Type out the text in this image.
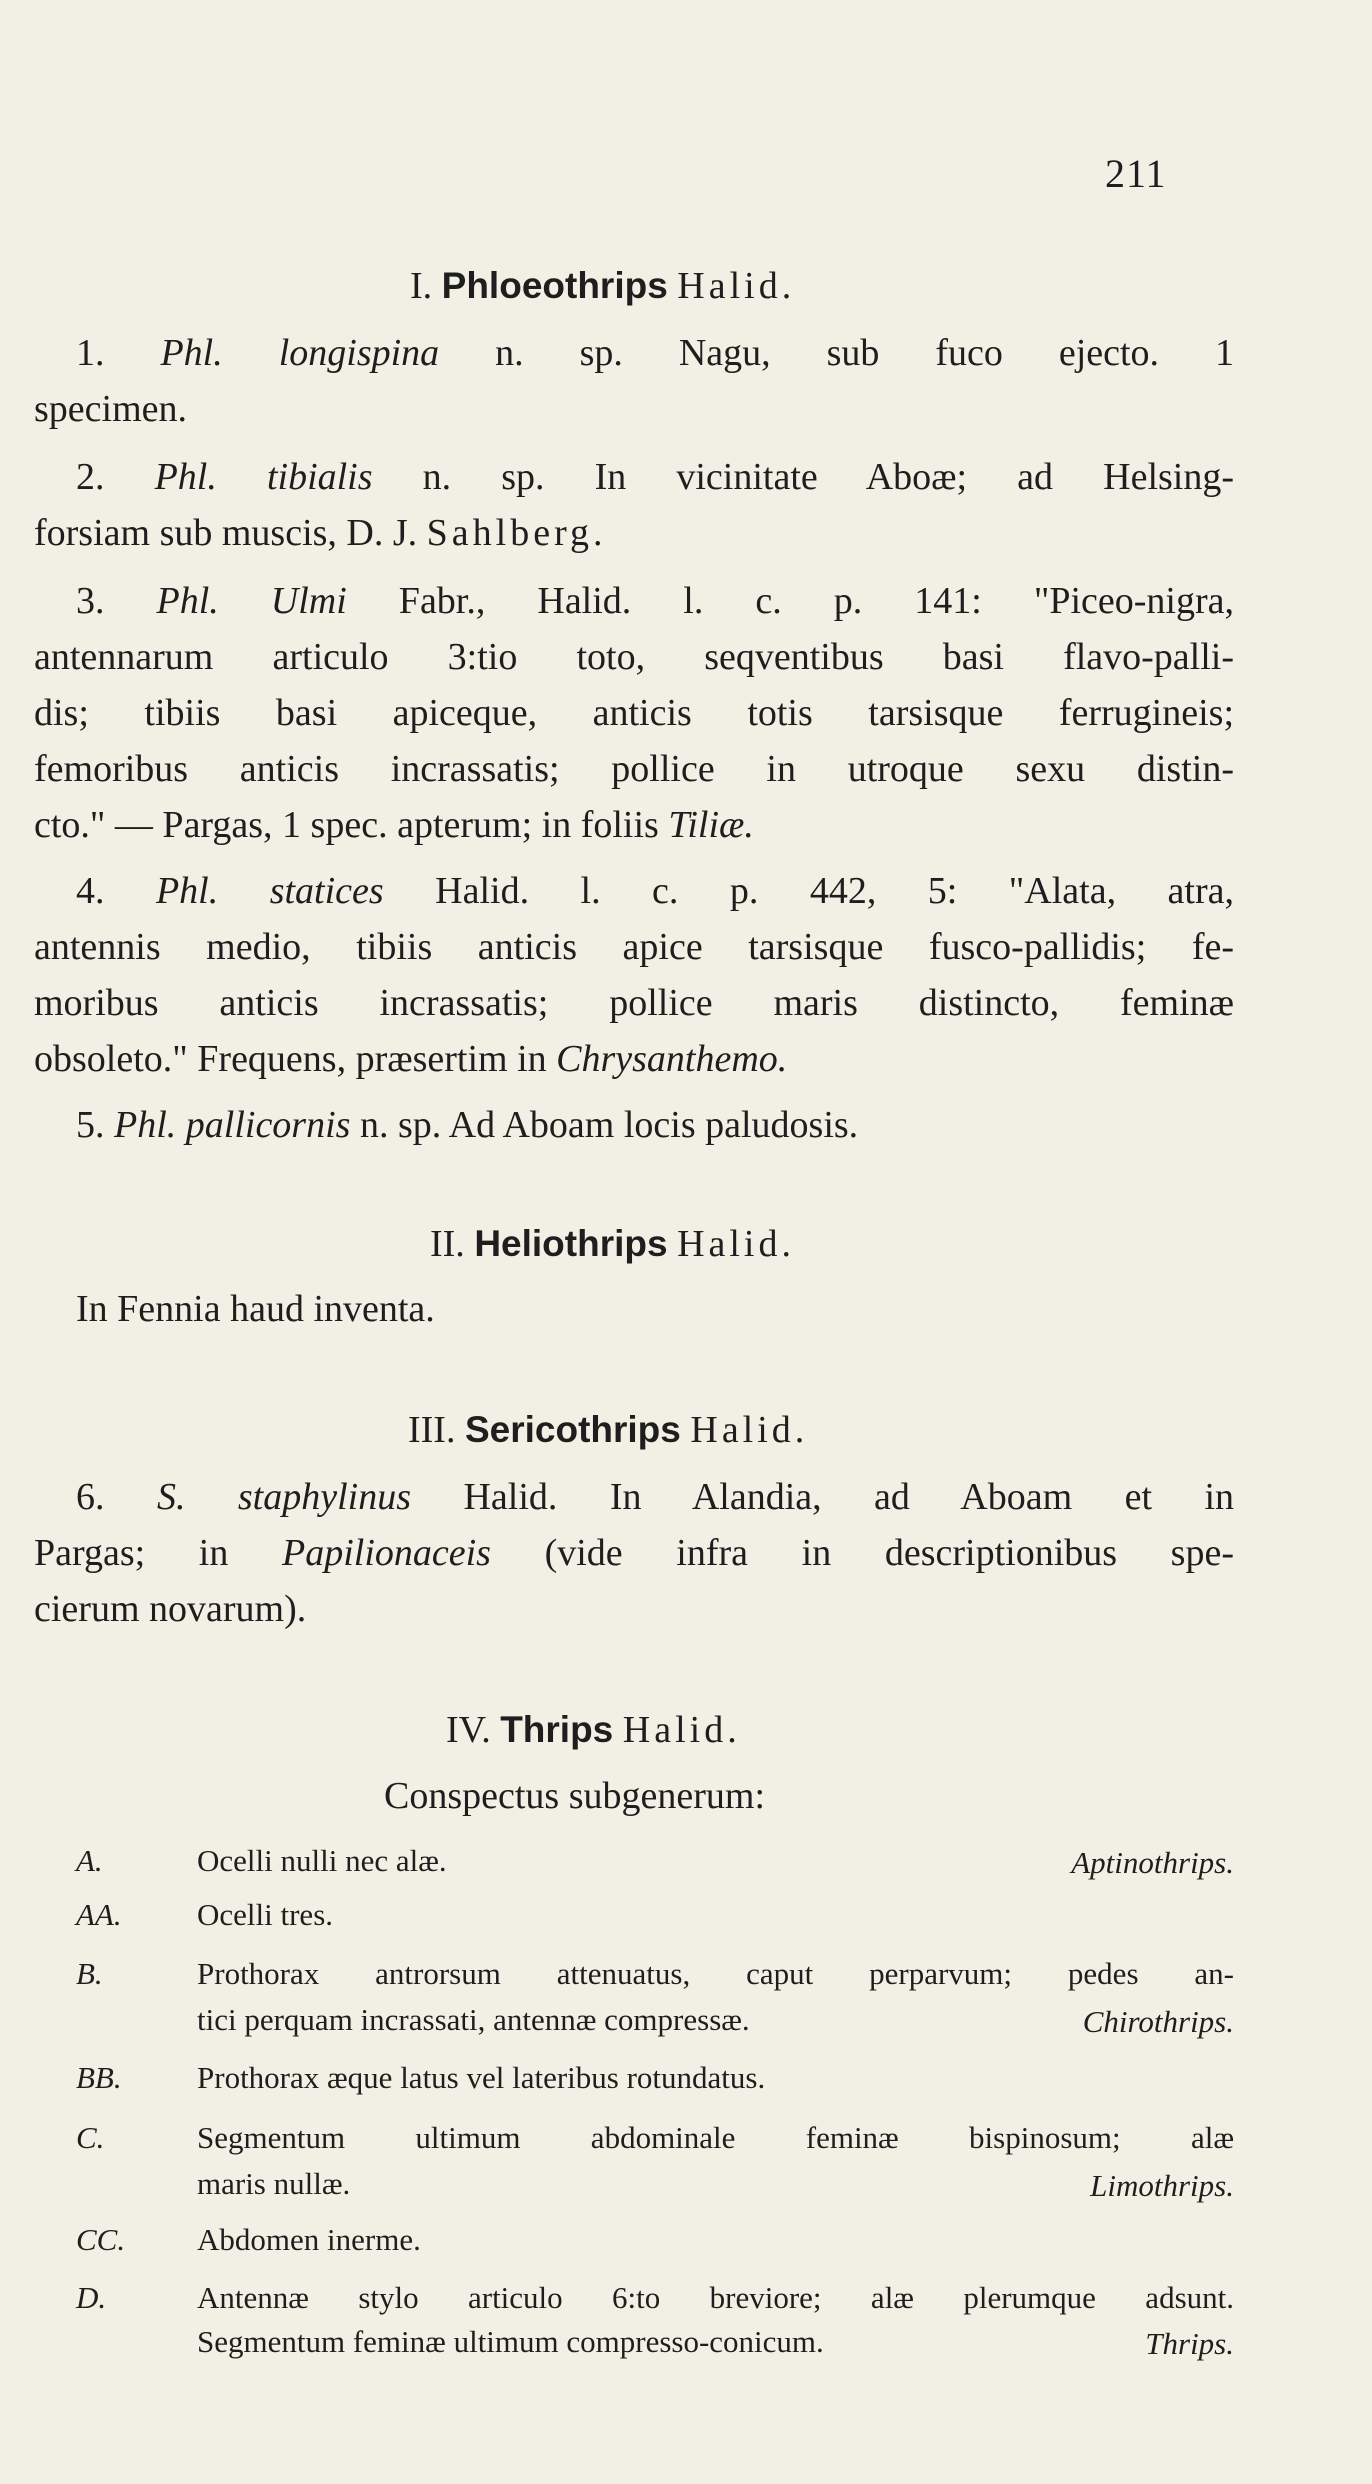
211
I. Phloeothrips Halid.
1. Phl. longispina n. sp. Nagu, sub fuco ejecto. 1
specimen.
2. Phl. tibialis n. sp. In vicinitate Aboæ; ad Helsing-
forsiam sub muscis, D. J. Sahlberg.
3. Phl. Ulmi Fabr., Halid. l. c. p. 141: "Piceo-nigra,
antennarum articulo 3:tio toto, seqventibus basi flavo-palli-
dis; tibiis basi apiceque, anticis totis tarsisque ferrugineis;
femoribus anticis incrassatis; pollice in utroque sexu distin-
cto." — Pargas, 1 spec. apterum; in foliis Tiliæ.
4. Phl. statices Halid. l. c. p. 442, 5: "Alata, atra,
antennis medio, tibiis anticis apice tarsisque fusco-pallidis; fe-
moribus anticis incrassatis; pollice maris distincto, feminæ
obsoleto." Frequens, præsertim in Chrysanthemo.
5. Phl. pallicornis n. sp. Ad Aboam locis paludosis.
II. Heliothrips Halid.
In Fennia haud inventa.
III. Sericothrips Halid.
6. S. staphylinus Halid. In Alandia, ad Aboam et in
Pargas; in Papilionaceis (vide infra in descriptionibus spe-
cierum novarum).
IV. Thrips Halid.
Conspectus subgenerum:
A.	Ocelli nulli nec alæ.	Aptinothrips.
AA. Ocelli tres.
B.	Prothorax antrorsum attenuatus, caput perparvum; pedes an-
tici perquam incrassati, antennæ compressæ.	Chirothrips.
BB. Prothorax æque latus vel lateribus rotundatus.
C.	Segmentum ultimum abdominale feminæ bispinosum; alæ
maris nullæ.	Limothrips.
CC. Abdomen inerme.
D.	Antennæ stylo articulo 6:to breviore; alæ plerumque adsunt.
Segmentum feminæ ultimum compresso-conicum.	Thrips.
